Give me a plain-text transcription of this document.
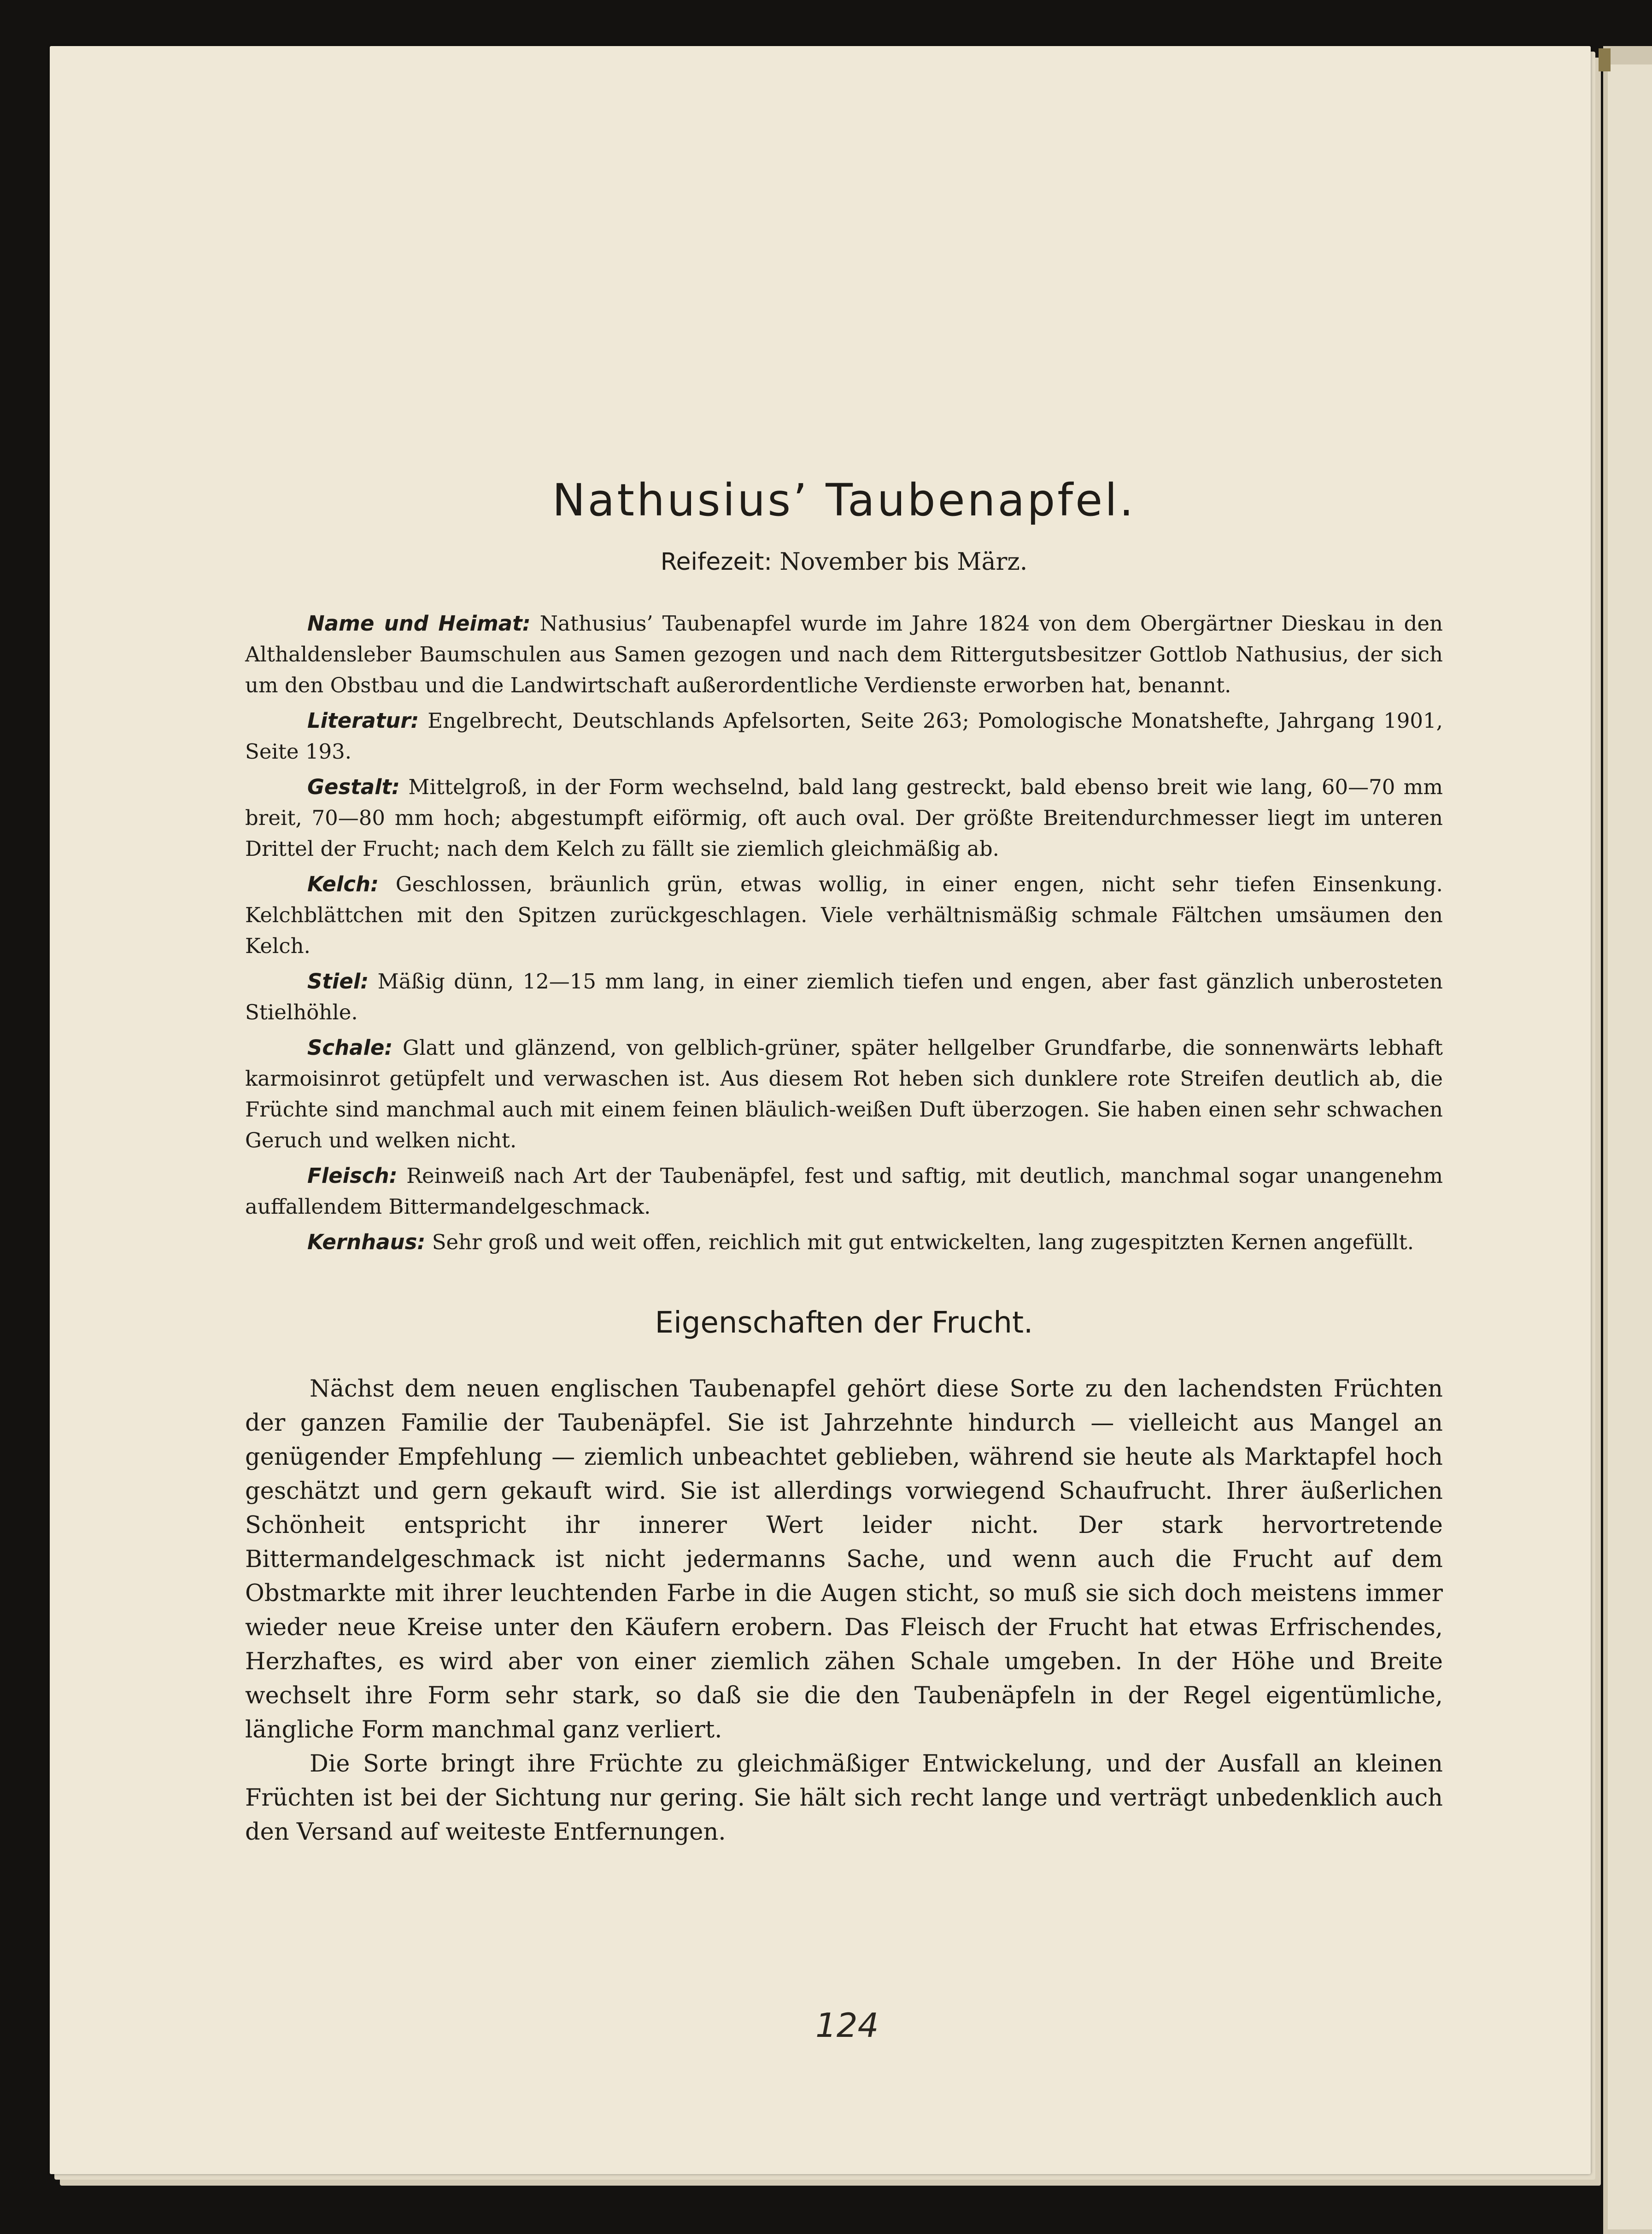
Nathusius’ Taubenapfel.

Reifezeit: November bis März.

Name und Heimat: Nathusius’ Taubenapfel wurde im Jahre 1824 von dem Obergärtner Dieskau in den Althaldensleber Baumschulen aus Samen gezogen und nach dem Rittergutsbesitzer Gottlob Nathusius, der sich um den Obstbau und die Landwirtschaft außerordentliche Verdienste erworben hat, benannt.

Literatur: Engelbrecht, Deutschlands Apfelsorten, Seite 263; Pomologische Monatshefte, Jahrgang 1901, Seite 193.

Gestalt: Mittelgroß, in der Form wechselnd, bald lang gestreckt, bald ebenso breit wie lang, 60—70 mm breit, 70—80 mm hoch; abgestumpft eiförmig, oft auch oval. Der größte Breitendurchmesser liegt im unteren Drittel der Frucht; nach dem Kelch zu fällt sie ziemlich gleichmäßig ab.

Kelch: Geschlossen, bräunlich grün, etwas wollig, in einer engen, nicht sehr tiefen Einsenkung. Kelchblättchen mit den Spitzen zurückgeschlagen. Viele verhältnismäßig schmale Fältchen umsäumen den Kelch.

Stiel: Mäßig dünn, 12—15 mm lang, in einer ziemlich tiefen und engen, aber fast gänzlich unberosteten Stielhöhle.

Schale: Glatt und glänzend, von gelblich-grüner, später hellgelber Grundfarbe, die sonnenwärts lebhaft karmoisinrot getüpfelt und verwaschen ist. Aus diesem Rot heben sich dunklere rote Streifen deutlich ab, die Früchte sind manchmal auch mit einem feinen bläulich-weißen Duft überzogen. Sie haben einen sehr schwachen Geruch und welken nicht.

Fleisch: Reinweiß nach Art der Taubenäpfel, fest und saftig, mit deutlich, manchmal sogar unangenehm auffallendem Bittermandelgeschmack.

Kernhaus: Sehr groß und weit offen, reichlich mit gut entwickelten, lang zugespitzten Kernen angefüllt.

Eigenschaften der Frucht.

Nächst dem neuen englischen Taubenapfel gehört diese Sorte zu den lachendsten Früchten der ganzen Familie der Taubenäpfel. Sie ist Jahrzehnte hindurch — vielleicht aus Mangel an genügender Empfehlung — ziemlich unbeachtet geblieben, während sie heute als Marktapfel hoch geschätzt und gern gekauft wird. Sie ist allerdings vorwiegend Schaufrucht. Ihrer äußerlichen Schönheit entspricht ihr innerer Wert leider nicht. Der stark hervortretende Bittermandelgeschmack ist nicht jedermanns Sache, und wenn auch die Frucht auf dem Obstmarkte mit ihrer leuchtenden Farbe in die Augen sticht, so muß sie sich doch meistens immer wieder neue Kreise unter den Käufern erobern. Das Fleisch der Frucht hat etwas Erfrischendes, Herzhaftes, es wird aber von einer ziemlich zähen Schale umgeben. In der Höhe und Breite wechselt ihre Form sehr stark, so daß sie die den Taubenäpfeln in der Regel eigentümliche, längliche Form manchmal ganz verliert.

Die Sorte bringt ihre Früchte zu gleichmäßiger Entwickelung, und der Ausfall an kleinen Früchten ist bei der Sichtung nur gering. Sie hält sich recht lange und verträgt unbedenklich auch den Versand auf weiteste Entfernungen.

124
